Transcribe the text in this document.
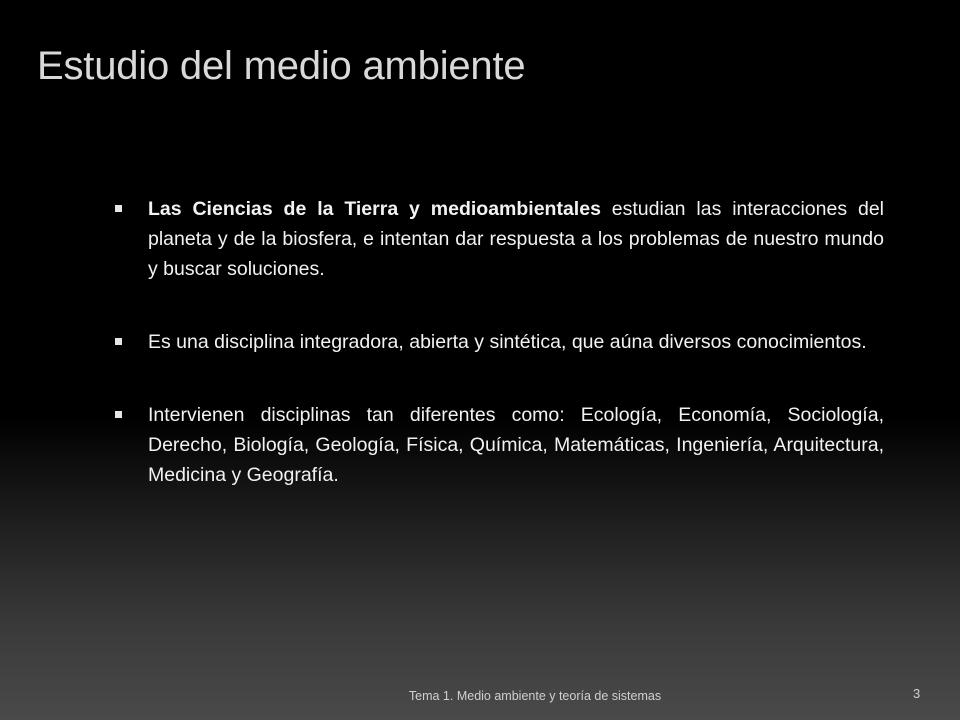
Estudio del medio ambiente
Las Ciencias de la Tierra y medioambientales estudian las interacciones del planeta y de la biosfera, e intentan dar respuesta a los problemas de nuestro mundo y buscar soluciones.
Es una disciplina integradora, abierta y sintética, que aúna diversos conocimientos.
Intervienen disciplinas tan diferentes como: Ecología, Economía, Sociología, Derecho, Biología, Geología, Física, Química, Matemáticas, Ingeniería, Arquitectura, Medicina y Geografía.
Tema 1. Medio ambiente y teoría de sistemas	3
